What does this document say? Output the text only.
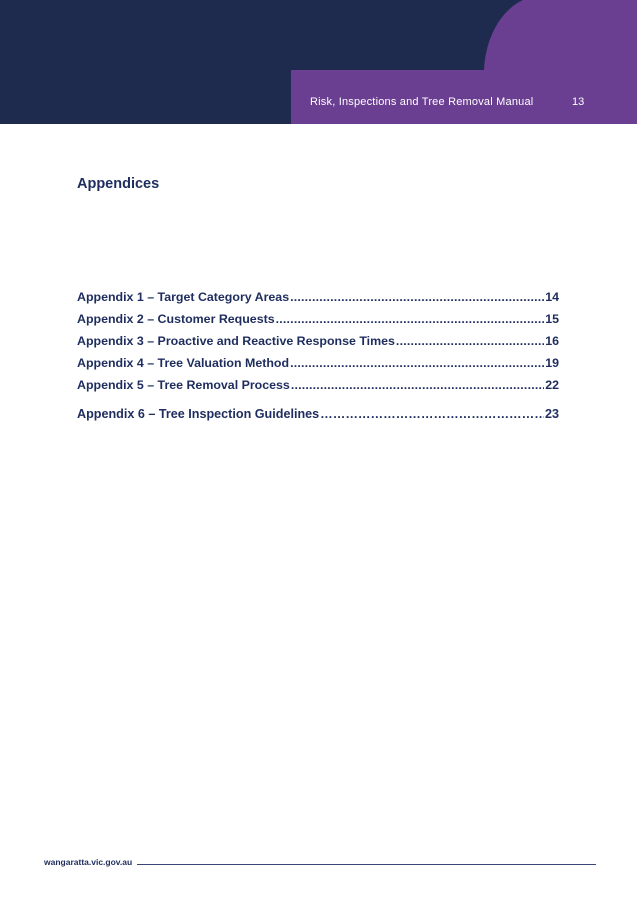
Risk, Inspections and Tree Removal Manual	13
Appendices
Appendix 1 – Target Category Areas .....	14
Appendix 2 – Customer Requests .....	15
Appendix 3 – Proactive and Reactive Response Times .....	16
Appendix 4 – Tree Valuation Method .....	19
Appendix 5 – Tree Removal Process .....	22
Appendix 6 – Tree Inspection Guidelines …………………………………………………………………………………………………………………………………………………………………………………………………	23
wangaratta.vic.gov.au
